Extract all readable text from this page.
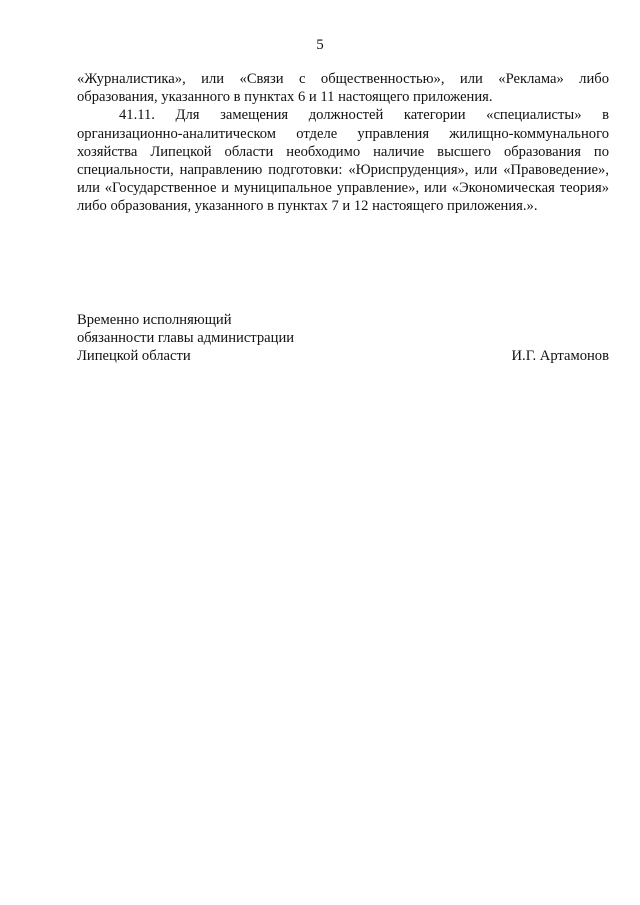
5

«Журналистика», или «Связи с общественностью», или «Реклама» либо образования, указанного в пунктах 6 и 11 настоящего приложения.

41.11. Для замещения должностей категории «специалисты» в организационно-аналитическом отделе управления жилищно-коммунального хозяйства Липецкой области необходимо наличие высшего образования по специальности, направлению подготовки: «Юриспруденция», или «Правоведение», или «Государственное и муниципальное управление», или «Экономическая теория» либо образования, указанного в пунктах 7 и 12 настоящего приложения.».

Временно исполняющий
обязанности главы администрации
Липецкой области	И.Г. Артамонов
